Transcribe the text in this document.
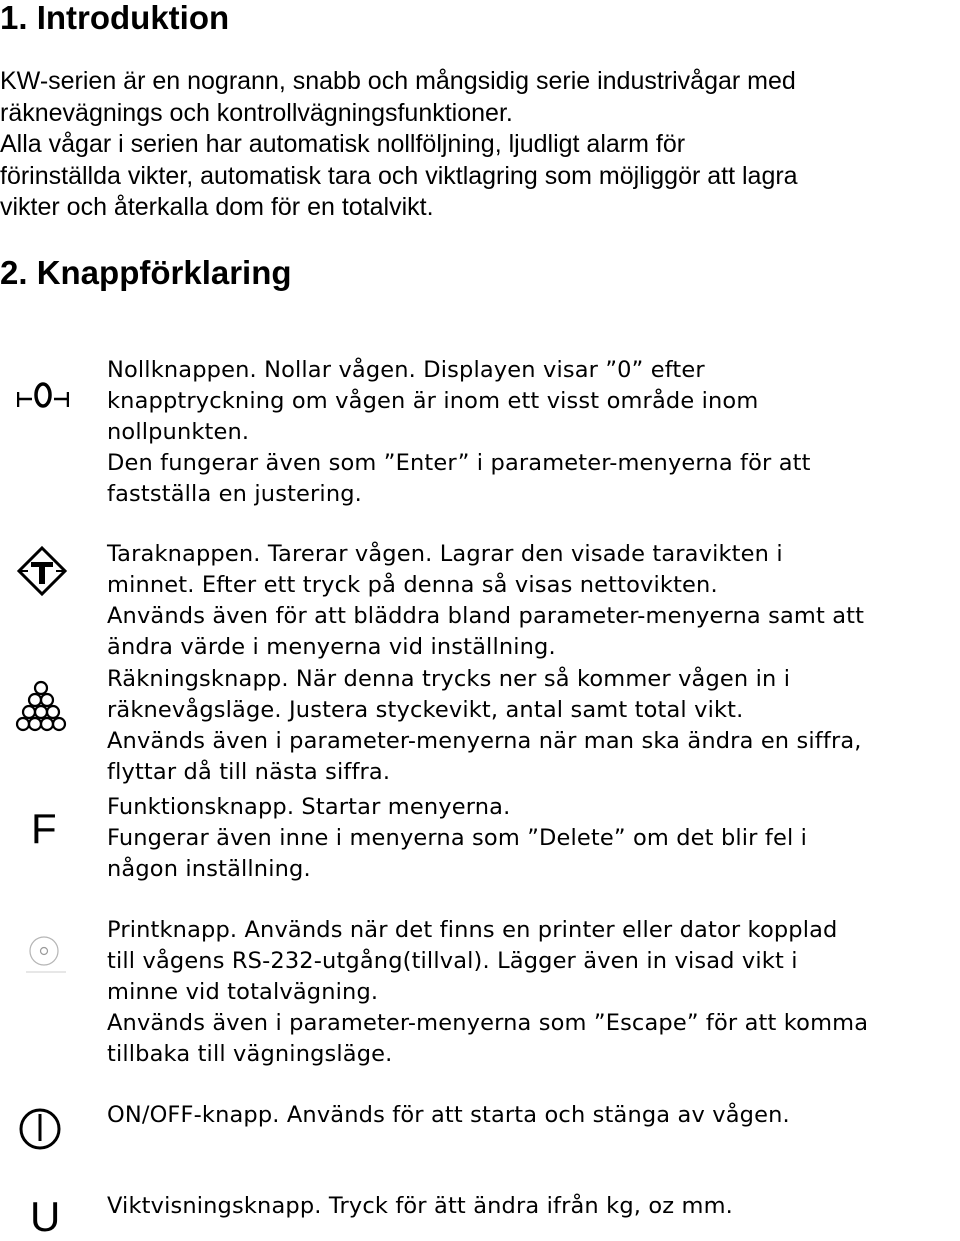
1. Introduktion

KW-serien är en nogrann, snabb och mångsidig serie industrivågar med
räknevägnings och kontrollvägningsfunktioner.
Alla vågar i serien har automatisk nollföljning, ljudligt alarm för
förinställda vikter, automatisk tara och viktlagring som möjliggör att lagra
vikter och återkalla dom för en totalvikt.

2. Knappförklaring

Nollknappen. Nollar vågen. Displayen visar ”0” efter
knapptryckning om vågen är inom ett visst område inom
nollpunkten.
Den fungerar även som ”Enter” i parameter-menyerna för att
fastställa en justering.

Taraknappen. Tarerar vågen. Lagrar den visade taravikten i
minnet. Efter ett tryck på denna så visas nettovikten.
Används även för att bläddra bland parameter-menyerna samt att
ändra värde i menyerna vid inställning.

Räkningsknapp. När denna trycks ner så kommer vågen in i
räknevågsläge. Justera styckevikt, antal samt total vikt.
Används även i parameter-menyerna när man ska ändra en siffra,
flyttar då till nästa siffra.

F Funktionsknapp. Startar menyerna.
Fungerar även inne i menyerna som ”Delete” om det blir fel i
någon inställning.

Printknapp. Används när det finns en printer eller dator kopplad
till vågens RS-232-utgång(tillval). Lägger även in visad vikt i
minne vid totalvägning.
Används även i parameter-menyerna som ”Escape” för att komma
tillbaka till vägningsläge.

ON/OFF-knapp. Används för att starta och stänga av vågen.

U Viktvisningsknapp. Tryck för ätt ändra ifrån kg, oz mm.
